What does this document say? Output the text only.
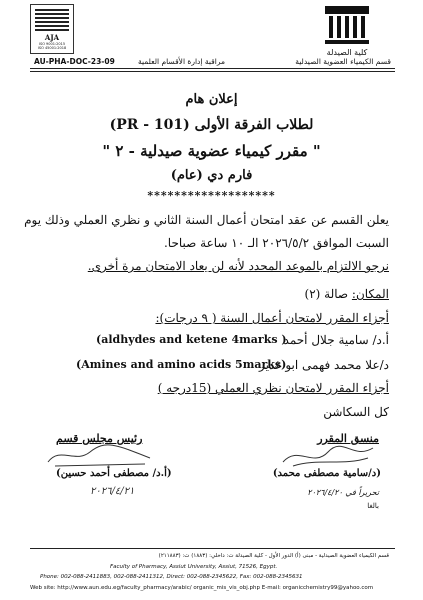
AJA
ISO 9001:2015
ISO 45001:2018	كلية الصيدلة
AU-PHA-DOC-23-09	مراقبة إدارة الأقسام العلمية	قسم الكيمياء العضوية الصيدلية
إعلان هام
لطلاب الفرقة الأولى (PR - 101)
" مقرر كيمياء عضوية صيدلية - ٢ "
فارم دي (عام)
*******************
يعلن القسم عن عقد امتحان أعمال السنة الثاني و نظري العملي وذلك يوم
السبت الموافق ٢٠٢٦/٥/٢ الـ ١٠ ساعة صباحا.
نرجو الالتزام بالموعد المحدد لأنه لن يعاد الامتحان مرة أخرى.
المكان: صالة (٢)
أجزاء المقرر لامتحان أعمال السنة ( ٩ درجات):
أ.د/ سامية جلال أحمد
(aldhydes and ketene 4marks )
د/علا محمد فهمى ابو غدير
(Amines and amino acids 5marks)
أجزاء المقرر لامتحان نظري العملي (15درجه )
كل السكاشن
منسق المقرر
رئيس مجلس قسم
(د/سامية مصطفى محمد)
(أ.د/ مصطفى أحمد حسين)
٢٠٢٦/٤/٢١	تحريراً في ٢٠٢٦/٤/٢٠
بالغا
قسم الكيمياء العضوية الصيدلية - مبنى (أ) الدور الأول - كلية الصيدلة ت: داخلي: (١٨٨٣) ت: (٢١١٨٨٣)
Faculty of Pharmacy, Assiut University, Assiut, 71526, Egypt.
Phone: 002-088-2411883, 002-088-2411312, Direct: 002-088-2345622, Fax: 002-088-2345631
Web site: http://www.aun.edu.eg/faculty_pharmacy/arabic/ organic_mis_vis_obj.php E-mail: organicchemistry99@yahoo.com
